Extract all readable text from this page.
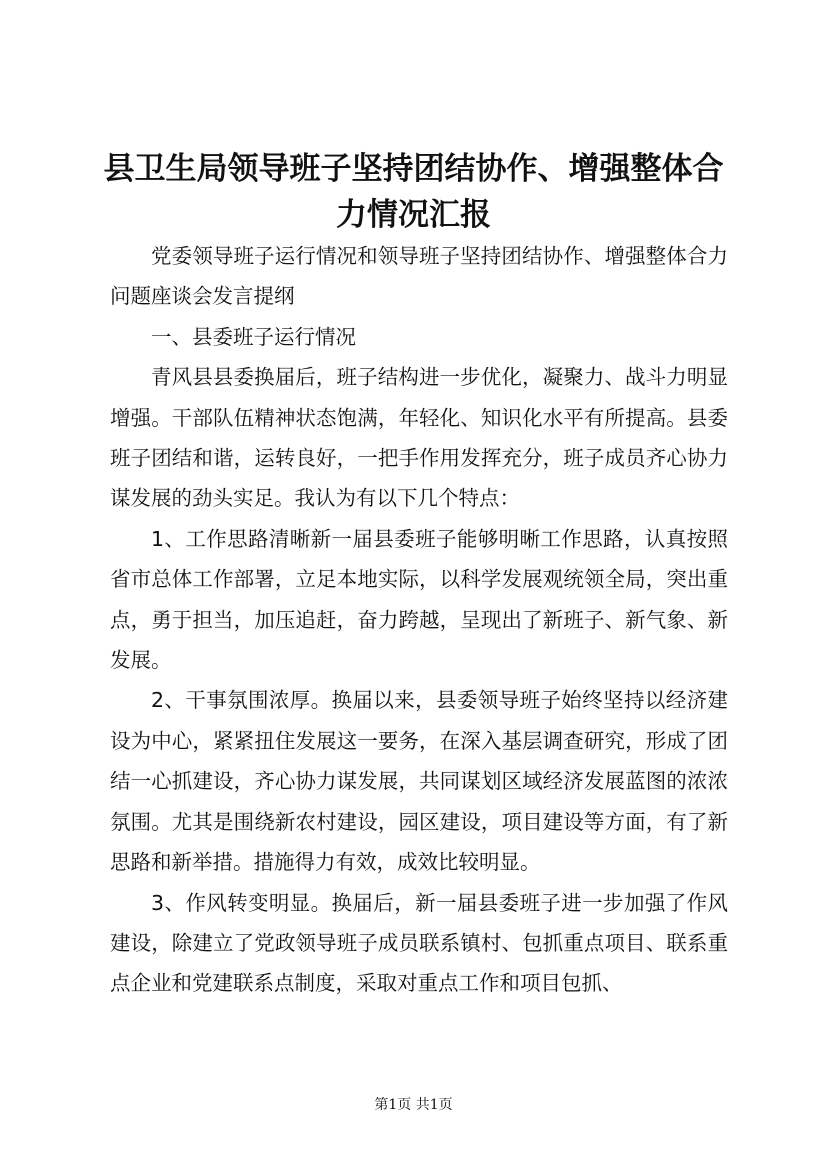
县卫生局领导班子坚持团结协作、增强整体合力情况汇报

党委领导班子运行情况和领导班子坚持团结协作、增强整体合力问题座谈会发言提纲

一、县委班子运行情况

青风县县委换届后，班子结构进一步优化，凝聚力、战斗力明显增强。干部队伍精神状态饱满，年轻化、知识化水平有所提高。县委班子团结和谐，运转良好，一把手作用发挥充分，班子成员齐心协力谋发展的劲头实足。我认为有以下几个特点：

1、工作思路清晰新一届县委班子能够明晰工作思路，认真按照省市总体工作部署，立足本地实际，以科学发展观统领全局，突出重点，勇于担当，加压追赶，奋力跨越，呈现出了新班子、新气象、新发展。

2、干事氛围浓厚。换届以来，县委领导班子始终坚持以经济建设为中心，紧紧扭住发展这一要务，在深入基层调查研究，形成了团结一心抓建设，齐心协力谋发展，共同谋划区域经济发展蓝图的浓浓氛围。尤其是围绕新农村建设，园区建设，项目建设等方面，有了新思路和新举措。措施得力有效，成效比较明显。

3、作风转变明显。换届后，新一届县委班子进一步加强了作风建设，除建立了党政领导班子成员联系镇村、包抓重点项目、联系重点企业和党建联系点制度，采取对重点工作和项目包抓、

第1页 共1页
